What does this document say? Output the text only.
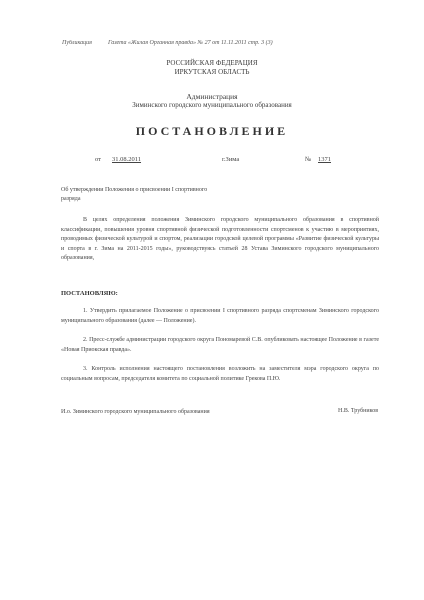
Публикация	Газета «Жилая Органная правда» № 27 от 11.11.2011 стр. 3 (3)
РОССИЙСКАЯ ФЕДЕРАЦИЯ
ИРКУТСКАЯ ОБЛАСТЬ
Администрация
Зиминского городского муниципального образования
ПОСТАНОВЛЕНИЕ
от 31.08.2011	г.Зима	№ 1371
Об утверждении Положения о присвоении I спортивного разряда
В целях определения положения Зиминского городского муниципального образования в спортивной классификации, повышения уровня спортивной физической подготовленности спортсменов к участию в мероприятиях, проводимых физической культурой и спортом, реализации городской целевой программы «Развитие физической культуры и спорта в г. Зима на 2011-2015 годы», руководствуясь статьей 28 Устава Зиминского городского муниципального образования,
ПОСТАНОВЛЯЮ:
1. Утвердить прилагаемое Положение о присвоении I спортивного разряда спортсменам Зиминского городского муниципального образования (далее — Положение).
2. Пресс-службе администрации городского округа Пономаревой С.В. опубликовать настоящее Положение в газете «Новая Приокская правда».
3. Контроль исполнения настоящего постановления возложить на заместителя мэра городского округа по социальным вопросам, председателя комитета по социальной политике Грекова П.Ю.
И.о. Зиминского городского муниципального образования	Н.В. Трубников
